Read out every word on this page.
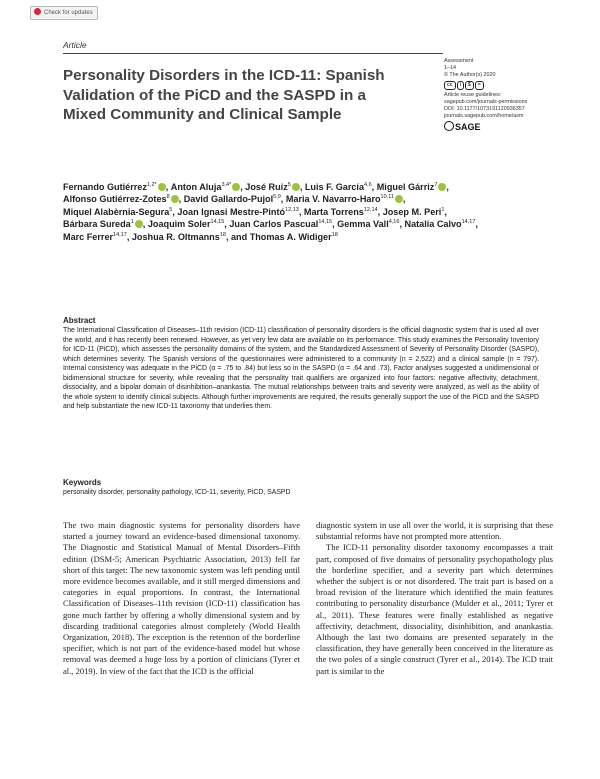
Check for updates
Article
Assessment
1–14
© The Author(s) 2020
cc	i	$	=
Article reuse guidelines:
sagepub.com/journals-permissions
DOI: 10.1177/1073191120936357
journals.sagepub.com/home/asm
SAGE
Personality Disorders in the ICD-11: Spanish Validation of the PiCD and the SASPD in a Mixed Community and Clinical Sample
Fernando Gutiérrez$^{1,2*}$ , Anton Aluja$^{3,4*}$ , José Ruiz$^5$ , Luis F. García$^{4,6}$, Miguel Gárriz$^7$ , Alfonso Gutiérrez-Zotes$^8$ , David Gallardo-Pujol$^{5,9}$, Maria V. Navarro-Haro$^{10,11}$ , Miquel Alabèrnia-Segura$^5$, Joan Ignasi Mestre-Pintó$^{12,13}$, Marta Torrens$^{12,14}$, Josep M. Peri$^1$, Bárbara Sureda$^1$ , Joaquim Soler$^{14,15}$, Juan Carlos Pascual$^{14,15}$, Gemma Vall$^{4,16}$, Natalia Calvo$^{14,17}$, Marc Ferrer$^{14,17}$, Joshua R. Oltmanns$^{18}$, and Thomas A. Widiger$^{18}$
Abstract

The International Classification of Diseases–11th revision (ICD-11) classification of personality disorders is the official diagnostic system that is used all over the world, and it has recently been renewed. However, as yet very few data are available on its performance. This study examines the Personality Inventory for ICD-11 (PiCD), which assesses the personality domains of the system, and the Standardized Assessment of Severity of Personality Disorder (SASPD), which determines severity. The Spanish versions of the questionnaires were administered to a community (n = 2,522) and a clinical sample (n = 797). Internal consistency was adequate in the PiCD (α = .75 to .84) but less so in the SASPD (α = .64 and .73). Factor analyses suggested a unidimensional or bidimensional structure for severity, while revealing that the personality trait qualifiers are organized into four factors: negative affectivity, detachment, dissociality, and a bipolar domain of disinhibition–anankastia. The mutual relationships between traits and severity were analyzed, as well as the ability of the whole system to identify clinical subjects. Although further improvements are required, the results generally support the use of the PiCD and the SASPD and help substantiate the new ICD-11 taxonomy that underlies them.

Keywords
personality disorder, personality pathology, ICD-11, severity, PiCD, SASPD

The two main diagnostic systems for personality disorders have started a journey toward an evidence-based dimensional taxonomy. The Diagnostic and Statistical Manual of Mental Disorders–Fifth edition (DSM-5; American Psychiatric Association, 2013) fell far short of this target: The new taxonomic system was left pending until more evidence becomes available, and it still merged dimensions and categories in equal proportions. In contrast, the International Classification of Diseases–11th revision (ICD-11) classification has gone much farther by offering a wholly dimensional system and by discarding traditional categories almost completely (World Health Organization, 2018). The exception is the retention of the borderline specifier, which is not part of the evidence-based model but whose removal was deemed a huge loss by a portion of clinicians (Tyrer et al., 2019). In view of the fact that the ICD is the official

diagnostic system in use all over the world, it is surprising that these substantial reforms have not prompted more attention.

The ICD-11 personality disorder taxonomy encompasses a trait part, composed of five domains of personality psychopathology plus the borderline specifier, and a severity part which determines whether the subject is or not disordered. The trait part is based on a broad revision of the literature which identified the main features contributing to personality disturbance (Mulder et al., 2011; Tyrer et al., 2011). These features were finally established as negative affectivity, detachment, dissociality, disinhibition, and anankastia. Although the last two domains are presented separately in the classification, they have generally been conceived in the literature as the two poles of a single construct (Tyrer et al., 2014). The ICD trait part is similar to the
